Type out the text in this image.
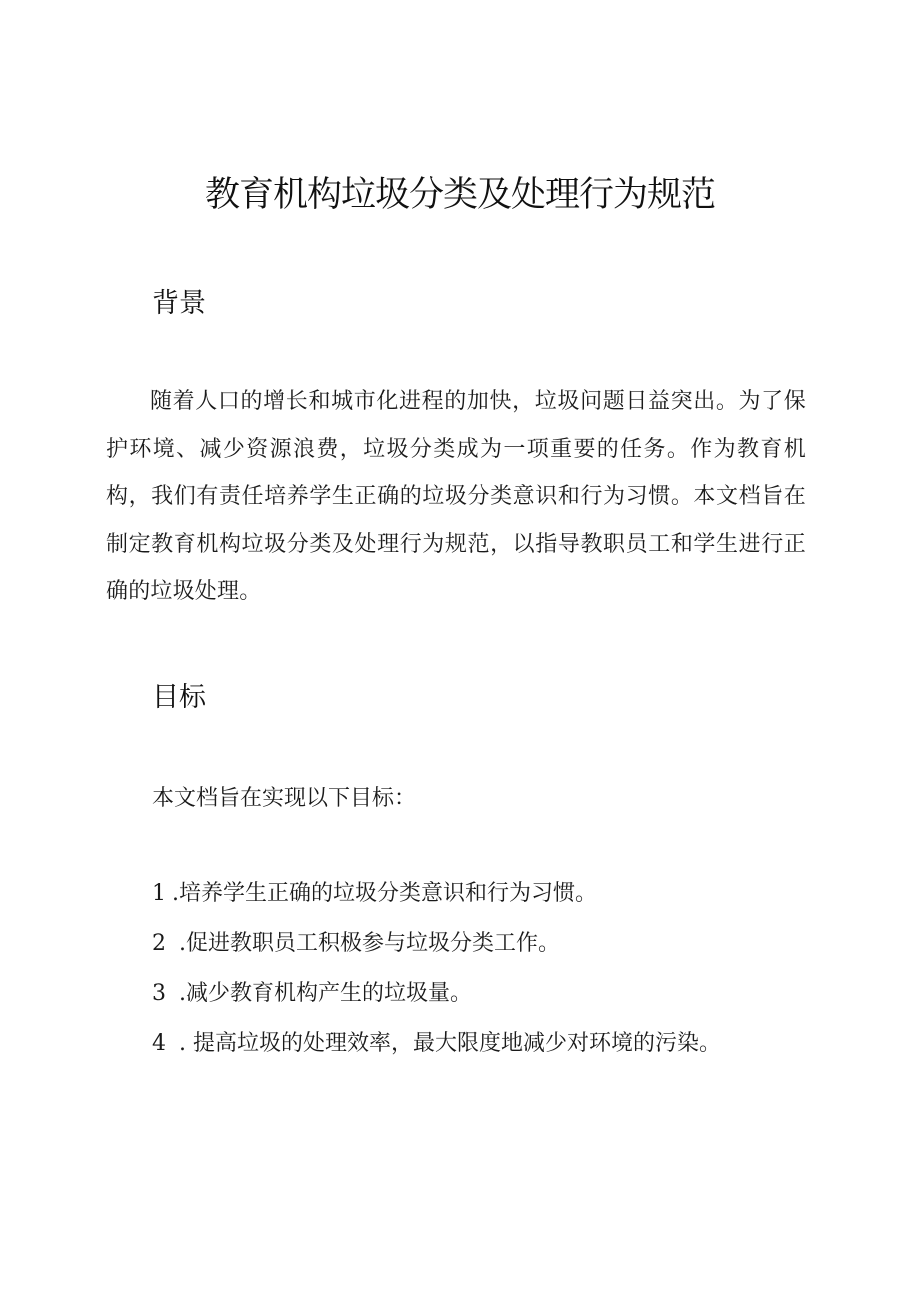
教育机构垃圾分类及处理行为规范
背景

随着人口的增长和城市化进程的加快，垃圾问题日益突出。为了保护环境、减少资源浪费，垃圾分类成为一项重要的任务。作为教育机构，我们有责任培养学生正确的垃圾分类意识和行为习惯。本文档旨在制定教育机构垃圾分类及处理行为规范，以指导教职员工和学生进行正确的垃圾处理。

目标

本文档旨在实现以下目标：

1 .培养学生正确的垃圾分类意识和行为习惯。
2 .促进教职员工积极参与垃圾分类工作。
3 .减少教育机构产生的垃圾量。
4 . 提高垃圾的处理效率，最大限度地减少对环境的污染。
